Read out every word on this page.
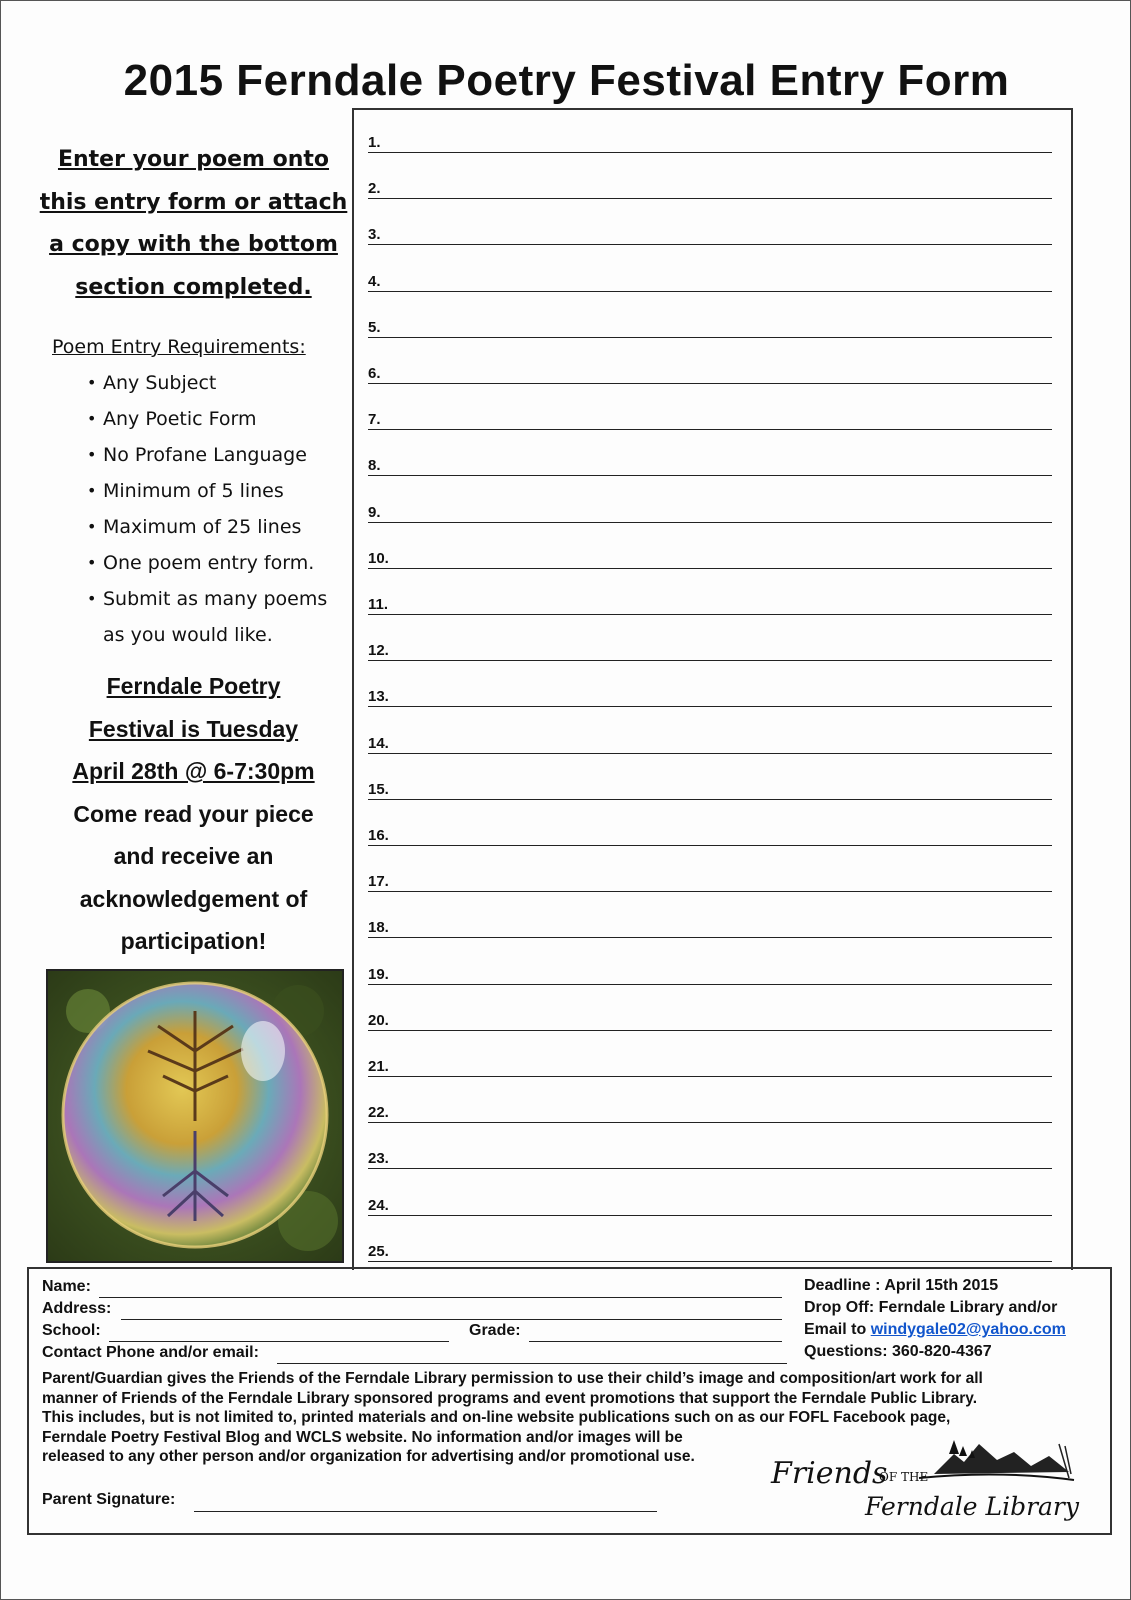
2015 Ferndale Poetry Festival Entry Form
Enter your poem onto
this entry form or attach
a copy with the bottom
section completed.
Poem Entry Requirements:
• Any Subject
• Any Poetic Form
• No Profane Language
• Minimum of 5 lines
• Maximum of 25 lines
• One poem entry form.
• Submit as many poems
as you would like.
Ferndale Poetry
Festival is Tuesday
April 28th @ 6-7:30pm
Come read your piece
and receive an
acknowledgement of
participation!
1.
2.
3.
4.
5.
6.
7.
8.
9.
10.
11.
12.
13.
14.
15.
16.
17.
18.
19.
20.
21.
22.
23.
24.
25.
Name:
Address:
School:	Grade:
Contact Phone and/or email:
Deadline : April 15th 2015
Drop Off: Ferndale Library and/or
Email to windygale02@yahoo.com
Questions: 360-820-4367
Parent/Guardian gives the Friends of the Ferndale Library permission to use their child’s image and composition/art work for all
manner of Friends of the Ferndale Library sponsored programs and event promotions that support the Ferndale Public Library.
This includes, but is not limited to, printed materials and on-line website publications such on as our FOFL Facebook page,
Ferndale Poetry Festival Blog and WCLS website. No information and/or images will be
released to any other person and/or organization for advertising and/or promotional use.
Parent Signature:
Friends
OF THE
Ferndale Library
